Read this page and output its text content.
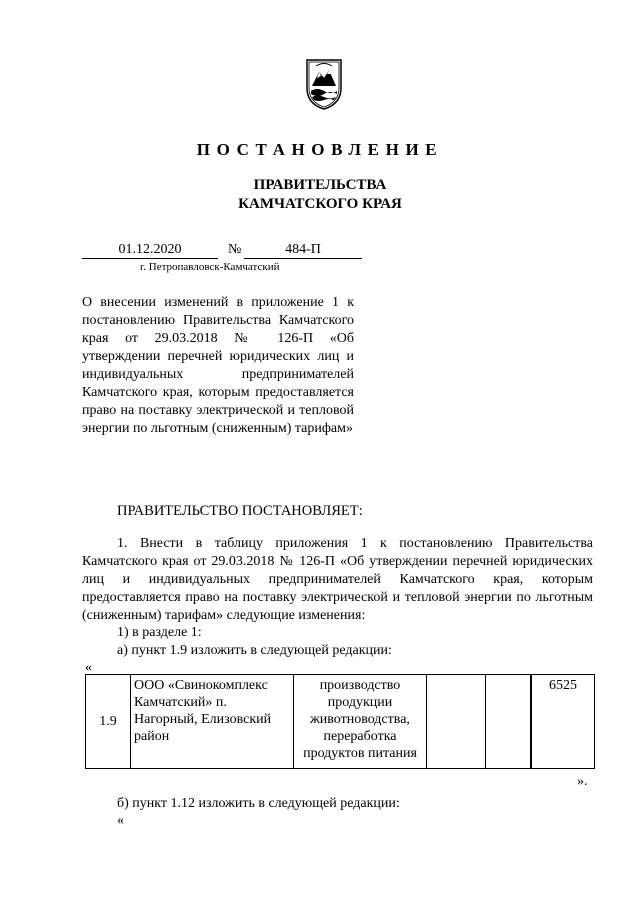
ПОСТАНОВЛЕНИЕ
ПРАВИТЕЛЬСТВА
КАМЧАТСКОГО КРАЯ
01.12.2020	№	484-П
г. Петропавловск-Камчатский
О внесении изменений в приложение 1 к постановлению Правительства Камчатского края от 29.03.2018 № 126-П «Об утверждении перечней юридических лиц и индивидуальных предпринимателей Камчатского края, которым предоставляется право на поставку электрической и тепловой энергии по льготным (сниженным) тарифам»
ПРАВИТЕЛЬСТВО ПОСТАНОВЛЯЕТ:
1. Внести в таблицу приложения 1 к постановлению Правительства Камчатского края от 29.03.2018 № 126-П «Об утверждении перечней юридических лиц и индивидуальных предпринимателей Камчатского края, которым предоставляется право на поставку электрической и тепловой энергии по льготным (сниженным) тарифам» следующие изменения:
1) в разделе 1:
а) пункт 1.9 изложить в следующей редакции:
«
1.9	ООО «Свинокомплекс Камчатский» п. Нагорный, Елизовский район	производство продукции животноводства, переработка продуктов питания				6525
».
б) пункт 1.12 изложить в следующей редакции:
«
